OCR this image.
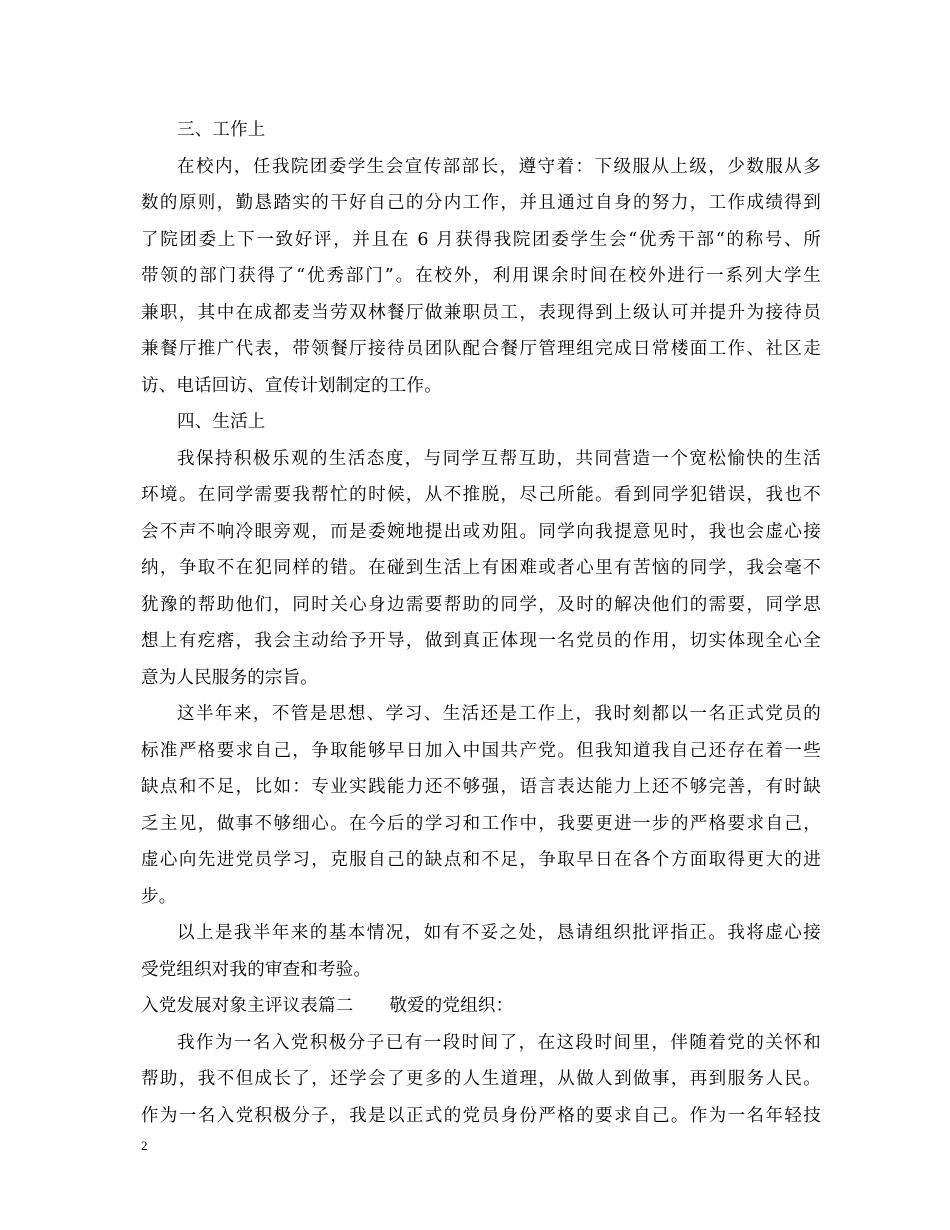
三、工作上
在校内，任我院团委学生会宣传部部长，遵守着：下级服从上级，少数服从多
数的原则，勤恳踏实的干好自己的分内工作，并且通过自身的努力，工作成绩得到
了院团委上下一致好评，并且在 6 月获得我院团委学生会“优秀干部“的称号、所
带领的部门获得了“优秀部门”。在校外，利用课余时间在校外进行一系列大学生
兼职，其中在成都麦当劳双林餐厅做兼职员工，表现得到上级认可并提升为接待员
兼餐厅推广代表，带领餐厅接待员团队配合餐厅管理组完成日常楼面工作、社区走
访、电话回访、宣传计划制定的工作。
四、生活上
我保持积极乐观的生活态度，与同学互帮互助，共同营造一个宽松愉快的生活
环境。在同学需要我帮忙的时候，从不推脱，尽己所能。看到同学犯错误，我也不
会不声不响冷眼旁观，而是委婉地提出或劝阻。同学向我提意见时，我也会虚心接
纳，争取不在犯同样的错。在碰到生活上有困难或者心里有苦恼的同学，我会毫不
犹豫的帮助他们，同时关心身边需要帮助的同学，及时的解决他们的需要，同学思
想上有疙瘩，我会主动给予开导，做到真正体现一名党员的作用，切实体现全心全
意为人民服务的宗旨。
这半年来，不管是思想、学习、生活还是工作上，我时刻都以一名正式党员的
标准严格要求自己，争取能够早日加入中国共产党。但我知道我自己还存在着一些
缺点和不足，比如：专业实践能力还不够强，语言表达能力上还不够完善，有时缺
乏主见，做事不够细心。在今后的学习和工作中，我要更进一步的严格要求自己，
虚心向先进党员学习，克服自己的缺点和不足，争取早日在各个方面取得更大的进
步。
以上是我半年来的基本情况，如有不妥之处，恳请组织批评指正。我将虚心接
受党组织对我的审查和考验。
入党发展对象主评议表篇二 敬爱的党组织：
我作为一名入党积极分子已有一段时间了，在这段时间里，伴随着党的关怀和
帮助，我不但成长了，还学会了更多的人生道理，从做人到做事，再到服务人民。
作为一名入党积极分子，我是以正式的党员身份严格的要求自己。作为一名年轻技
2
